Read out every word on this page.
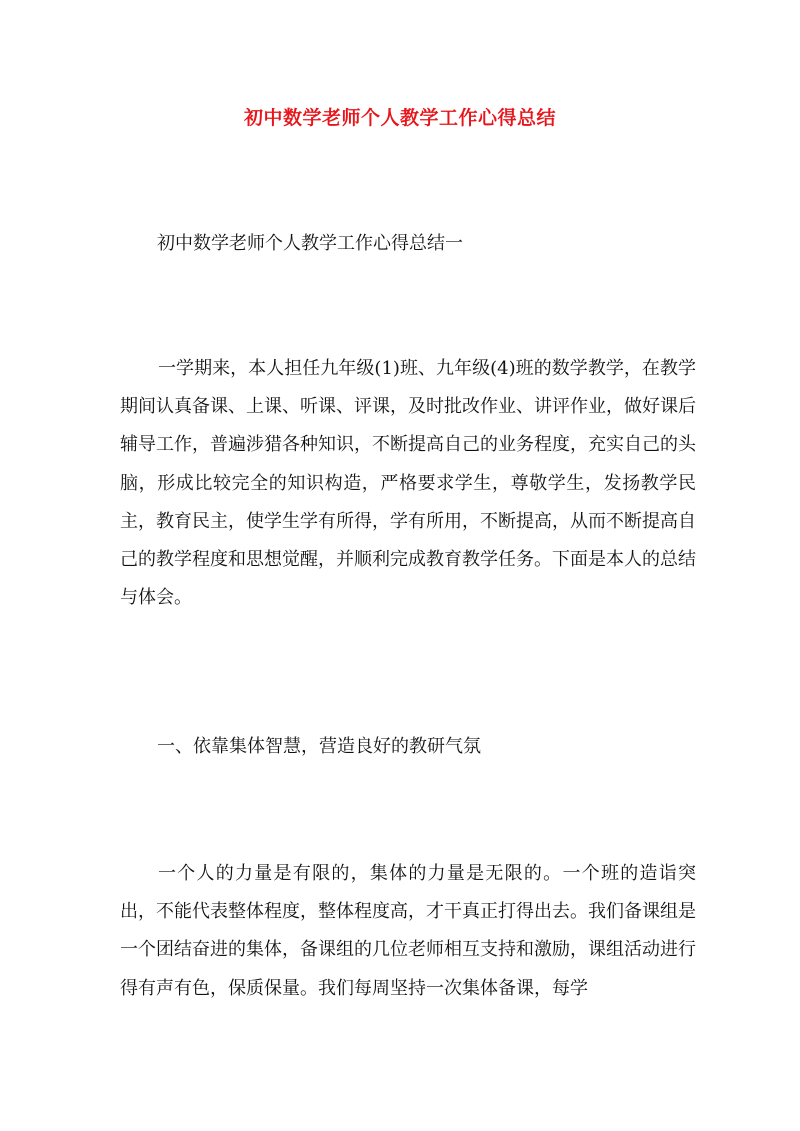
初中数学老师个人教学工作心得总结

初中数学老师个人教学工作心得总结一

一学期来，本人担任九年级(1)班、九年级(4)班的数学教学，在教学期间认真备课、上课、听课、评课，及时批改作业、讲评作业，做好课后辅导工作，普遍涉猎各种知识，不断提高自己的业务程度，充实自己的头脑，形成比较完全的知识构造，严格要求学生，尊敬学生，发扬教学民主，教育民主，使学生学有所得，学有所用，不断提高，从而不断提高自己的教学程度和思想觉醒，并顺利完成教育教学任务。下面是本人的总结与体会。

一、依靠集体智慧，营造良好的教研气氛

一个人的力量是有限的，集体的力量是无限的。一个班的造诣突出，不能代表整体程度，整体程度高，才干真正打得出去。我们备课组是一个团结奋进的集体，备课组的几位老师相互支持和激励，课组活动进行得有声有色，保质保量。我们每周坚持一次集体备课，每学
